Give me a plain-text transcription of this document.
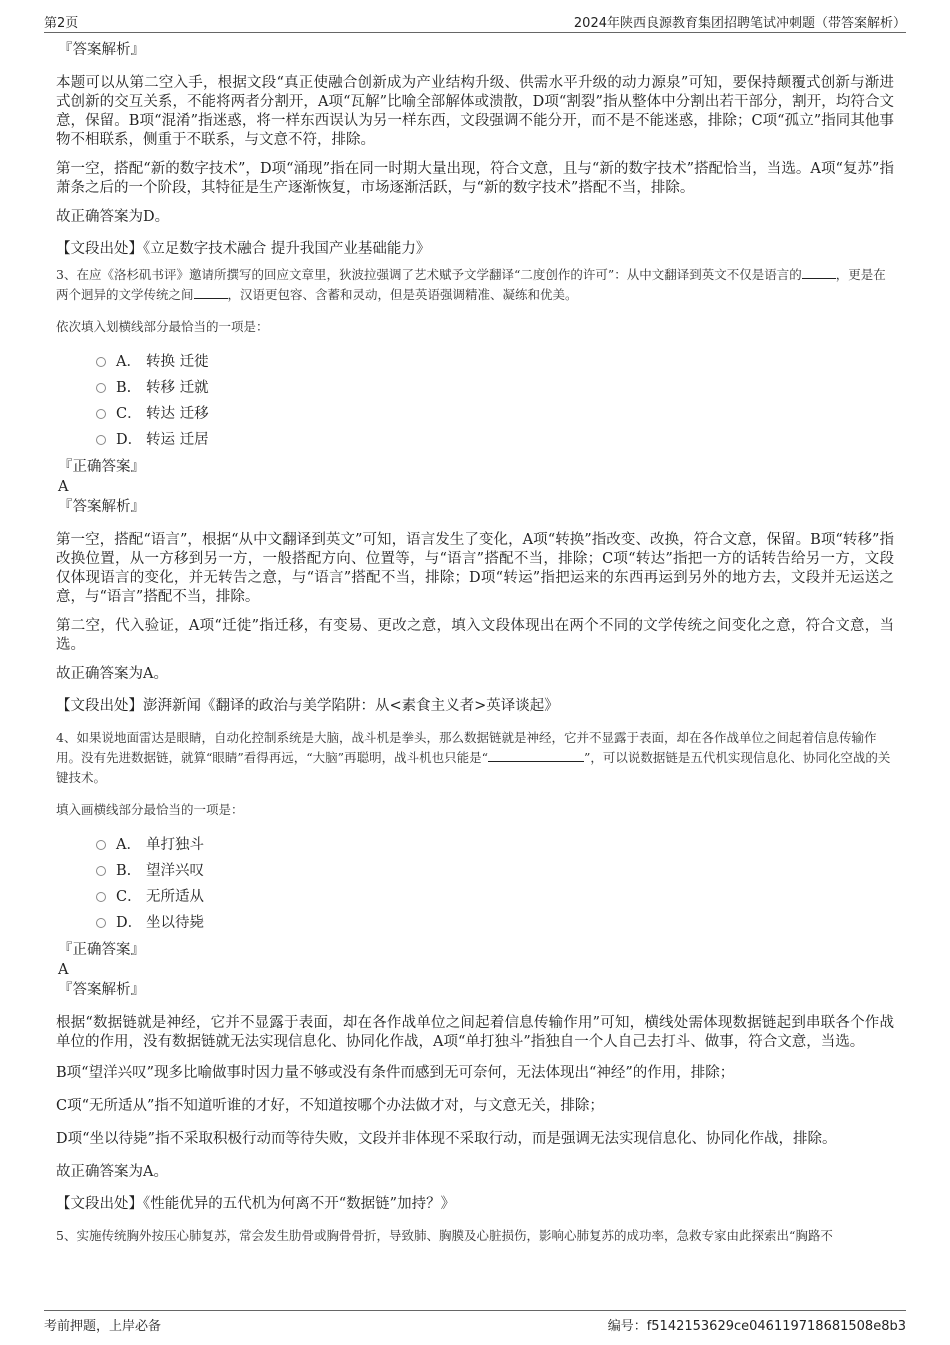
第2页	2024年陕西良源教育集团招聘笔试冲刺题（带答案解析）

『答案解析』

本题可以从第二空入手，根据文段“真正使融合创新成为产业结构升级、供需水平升级的动力源泉”可知，要保持颠覆式创新与渐进式创新的交互关系，不能将两者分割开，A项“瓦解”比喻全部解体或溃散，D项“割裂”指从整体中分割出若干部分，割开，均符合文意，保留。B项“混淆”指迷惑，将一样东西误认为另一样东西，文段强调不能分开，而不是不能迷惑，排除；C项“孤立”指同其他事物不相联系，侧重于不联系，与文意不符，排除。

第一空，搭配“新的数字技术”，D项“涌现”指在同一时期大量出现，符合文意，且与“新的数字技术”搭配恰当，当选。A项“复苏”指萧条之后的一个阶段，其特征是生产逐渐恢复，市场逐渐活跃，与“新的数字技术”搭配不当，排除。

故正确答案为D。

【文段出处】《立足数字技术融合 提升我国产业基础能力》

3、在应《洛杉矶书评》邀请所撰写的回应文章里，狄波拉强调了艺术赋予文学翻译“二度创作的许可”：从中文翻译到英文不仅是语言的	，更是在两个迥异的文学传统之间	，汉语更包容、含蓄和灵动，但是英语强调精准、凝练和优美。

依次填入划横线部分最恰当的一项是：

A． 转换 迁徙
B.	转移 迁就
C． 转达 迁移
D． 转运 迁居

『正确答案』

A

『答案解析』

第一空，搭配“语言”，根据“从中文翻译到英文”可知，语言发生了变化，A项“转换”指改变、改换，符合文意，保留。B项“转移”指改换位置，从一方移到另一方，一般搭配方向、位置等，与“语言”搭配不当，排除；C项“转达”指把一方的话转告给另一方，文段仅体现语言的变化，并无转告之意，与“语言”搭配不当，排除；D项“转运”指把运来的东西再运到另外的地方去，文段并无运送之意，与“语言”搭配不当，排除。

第二空，代入验证，A项“迁徙”指迁移，有变易、更改之意，填入文段体现出在两个不同的文学传统之间变化之意，符合文意，当选。

故正确答案为A。

【文段出处】澎湃新闻《翻译的政治与美学陷阱：从<素食主义者>英译谈起》

4、如果说地面雷达是眼睛，自动化控制系统是大脑，战斗机是拳头，那么数据链就是神经，它并不显露于表面，却在各作战单位之间起着信息传输作用。没有先进数据链，就算“眼睛”看得再远，“大脑”再聪明，战斗机也只能是“	”，可以说数据链是五代机实现信息化、协同化空战的关键技术。

填入画横线部分最恰当的一项是：

A． 单打独斗
B.	望洋兴叹
C． 无所适从
D． 坐以待毙

『正确答案』

A

『答案解析』

根据“数据链就是神经，它并不显露于表面，却在各作战单位之间起着信息传输作用”可知，横线处需体现数据链起到串联各个作战单位的作用，没有数据链就无法实现信息化、协同化作战，A项“单打独斗”指独自一个人自己去打斗、做事，符合文意，当选。

B项“望洋兴叹”现多比喻做事时因力量不够或没有条件而感到无可奈何，无法体现出“神经”的作用，排除；

C项“无所适从”指不知道听谁的才好，不知道按哪个办法做才对，与文意无关，排除；

D项“坐以待毙”指不采取积极行动而等待失败，文段并非体现不采取行动，而是强调无法实现信息化、协同化作战，排除。

故正确答案为A。

【文段出处】《性能优异的五代机为何离不开“数据链”加持？》

5、实施传统胸外按压心肺复苏，常会发生肋骨或胸骨骨折，导致肺、胸膜及心脏损伤，影响心肺复苏的成功率，急救专家由此探索出“胸路不

考前押题，上岸必备	编号：f5142153629ce046119718681508e8b3
